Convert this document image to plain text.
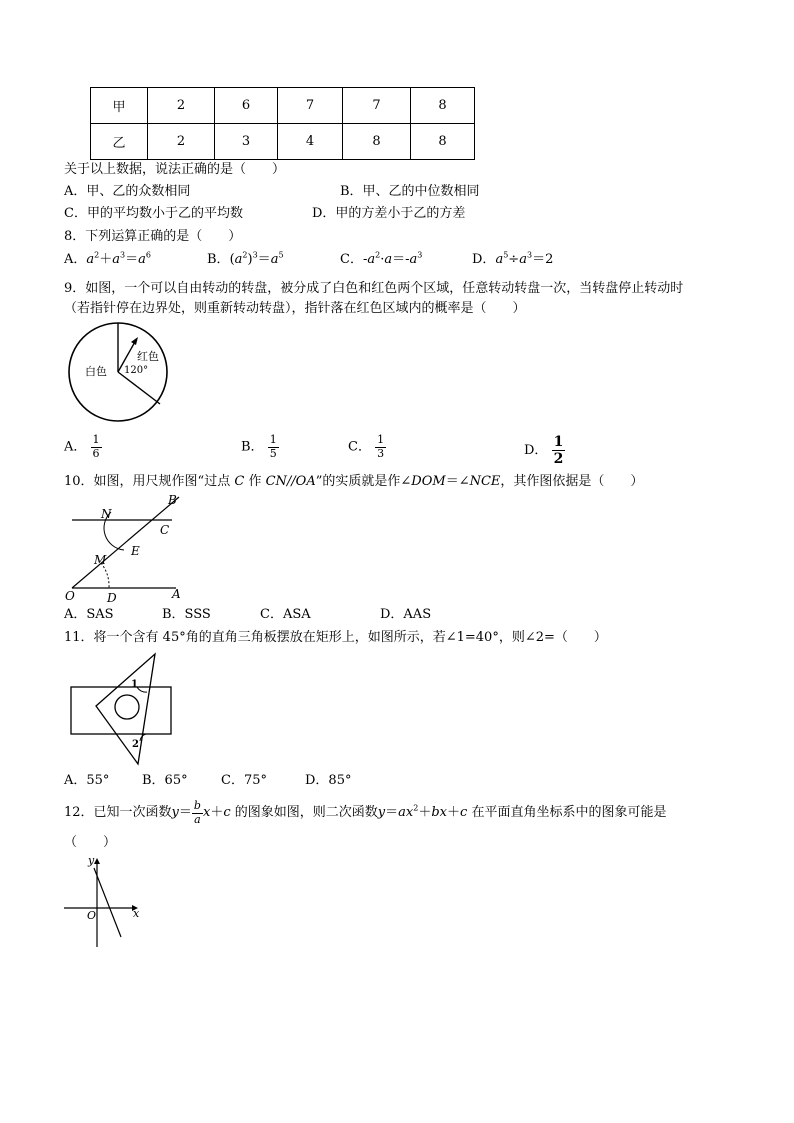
甲	2	6	7	7	8
乙	2	3	4	8	8
关于以上数据，说法正确的是（　　）
A．甲、乙的众数相同	B．甲、乙的中位数相同
C．甲的平均数小于乙的平均数	D．甲的方差小于乙的方差
8．下列运算正确的是（　　）
A．$a^2+a^3=a^6$	B．$(a^2)^3=a^5$	C．$-a^2\cdot a=-a^3$	D．$a^5\div a^3=2$
9．如图，一个可以自由转动的转盘，被分成了白色和红色两个区域，任意转动转盘一次，当转盘停止转动时
（若指针停在边界处，则重新转动转盘），指针落在红色区域内的概率是（　　）
白色
红色
120°
A． $\frac{1}{6}$	B． $\frac{1}{5}$	C． $\frac{1}{3}$	D． $\frac{1}{2}$
10．如图，用尺规作图“过点 C 作 CN//OA”的实质就是作∠DOM＝∠NCE，其作图依据是（　　）
B
N
C
E
M
O	D	A
A．SAS	B．SSS	C．ASA	D．AAS
11．将一个含有 45°角的直角三角板摆放在矩形上，如图所示，若∠1=40°，则∠2=（　　）
1
2
A．55°	B．65°	C．75°	D．85°
12．已知一次函数$y= \frac{b}{a} x+c$ 的图象如图，则二次函数$y=ax^2+bx+c$ 在平面直角坐标系中的图象可能是
（　　）
y
x
O
